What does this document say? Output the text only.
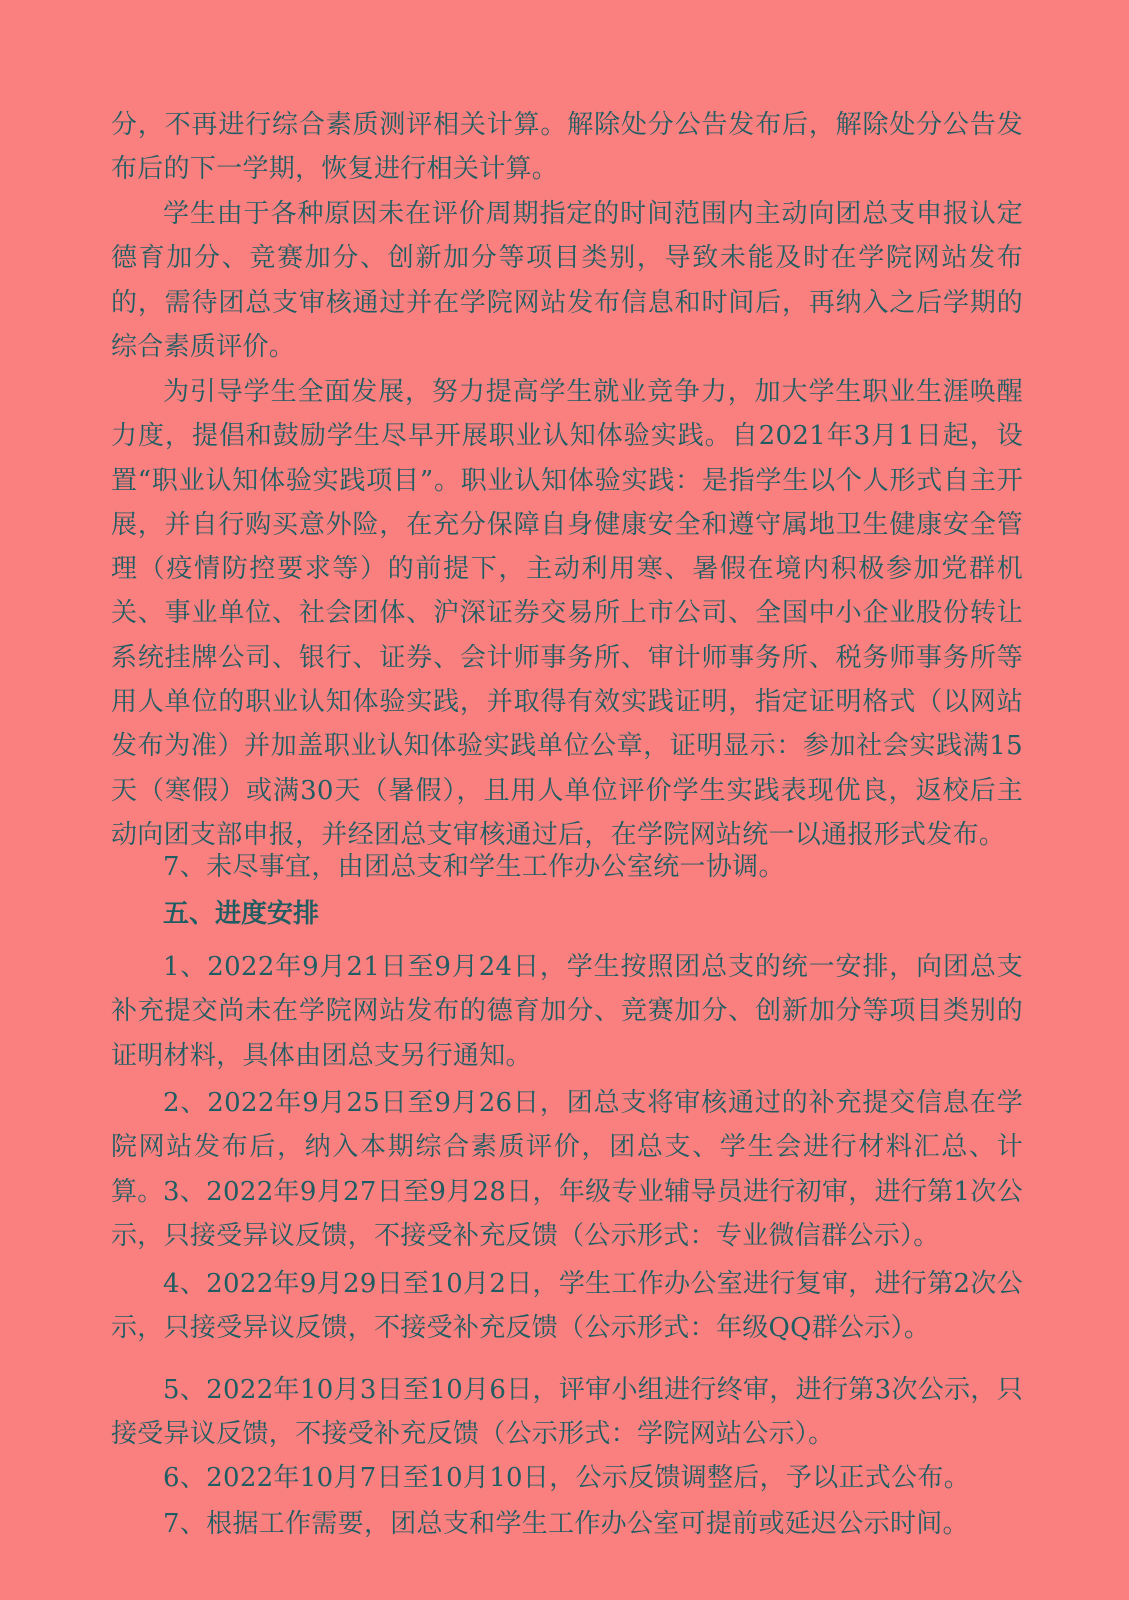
分，不再进行综合素质测评相关计算。解除处分公告发布后，解除处分公告发布后的下一学期，恢复进行相关计算。

学生由于各种原因未在评价周期指定的时间范围内主动向团总支申报认定德育加分、竞赛加分、创新加分等项目类别，导致未能及时在学院网站发布的，需待团总支审核通过并在学院网站发布信息和时间后，再纳入之后学期的综合素质评价。

为引导学生全面发展，努力提高学生就业竞争力，加大学生职业生涯唤醒力度，提倡和鼓励学生尽早开展职业认知体验实践。自2021年3月1日起，设置“职业认知体验实践项目”。职业认知体验实践：是指学生以个人形式自主开展，并自行购买意外险，在充分保障自身健康安全和遵守属地卫生健康安全管理（疫情防控要求等）的前提下，主动利用寒、暑假在境内积极参加党群机关、事业单位、社会团体、沪深证券交易所上市公司、全国中小企业股份转让系统挂牌公司、银行、证券、会计师事务所、审计师事务所、税务师事务所等用人单位的职业认知体验实践，并取得有效实践证明，指定证明格式（以网站发布为准）并加盖职业认知体验实践单位公章，证明显示：参加社会实践满15天（寒假）或满30天（暑假），且用人单位评价学生实践表现优良，返校后主动向团支部申报，并经团总支审核通过后，在学院网站统一以通报形式发布。

7、未尽事宜，由团总支和学生工作办公室统一协调。

五、进度安排

1、2022年9月21日至9月24日，学生按照团总支的统一安排，向团总支补充提交尚未在学院网站发布的德育加分、竞赛加分、创新加分等项目类别的证明材料，具体由团总支另行通知。

2、2022年9月25日至9月26日，团总支将审核通过的补充提交信息在学院网站发布后，纳入本期综合素质评价，团总支、学生会进行材料汇总、计算。 3、2022年9月27日至9月28日，年级专业辅导员进行初审，进行第1次公示，只接受异议反馈，不接受补充反馈（公示形式：专业微信群公示）。

4、2022年9月29日至10月2日，学生工作办公室进行复审，进行第2次公示，只接受异议反馈，不接受补充反馈（公示形式：年级QQ群公示）。

5、2022年10月3日至10月6日，评审小组进行终审，进行第3次公示，只接受异议反馈，不接受补充反馈（公示形式：学院网站公示）。

6、2022年10月7日至10月10日，公示反馈调整后，予以正式公布。

7、根据工作需要，团总支和学生工作办公室可提前或延迟公示时间。
